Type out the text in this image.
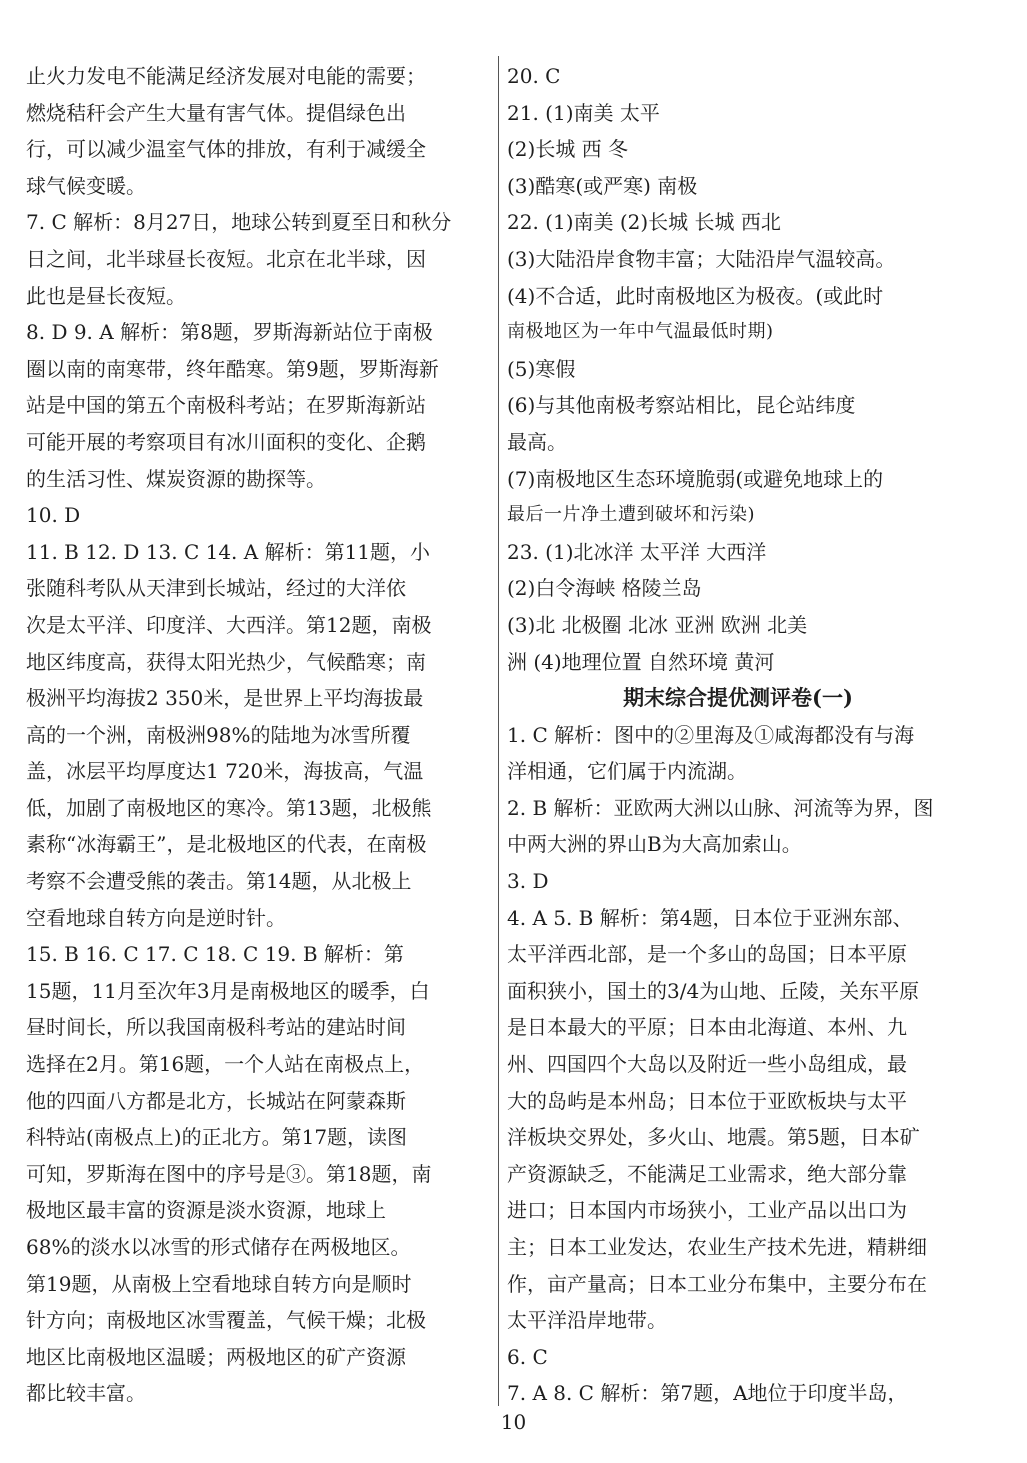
止火力发电不能满足经济发展对电能的需要；
燃烧秸秆会产生大量有害气体。提倡绿色出
行，可以减少温室气体的排放，有利于减缓全
球气候变暖。
7. C 解析：8月27日，地球公转到夏至日和秋分
日之间，北半球昼长夜短。北京在北半球，因
此也是昼长夜短。
8. D 9. A 解析：第8题，罗斯海新站位于南极
圈以南的南寒带，终年酷寒。第9题，罗斯海新
站是中国的第五个南极科考站；在罗斯海新站
可能开展的考察项目有冰川面积的变化、企鹅
的生活习性、煤炭资源的勘探等。
10. D
11. B 12. D 13. C 14. A 解析：第11题，小
张随科考队从天津到长城站，经过的大洋依
次是太平洋、印度洋、大西洋。第12题，南极
地区纬度高，获得太阳光热少，气候酷寒；南
极洲平均海拔2 350米，是世界上平均海拔最
高的一个洲，南极洲98%的陆地为冰雪所覆
盖，冰层平均厚度达1 720米，海拔高，气温
低，加剧了南极地区的寒冷。第13题，北极熊
素称“冰海霸王”，是北极地区的代表，在南极
考察不会遭受熊的袭击。第14题，从北极上
空看地球自转方向是逆时针。
15. B 16. C 17. C 18. C 19. B 解析：第
15题，11月至次年3月是南极地区的暖季，白
昼时间长，所以我国南极科考站的建站时间
选择在2月。第16题，一个人站在南极点上，
他的四面八方都是北方，长城站在阿蒙森斯
科特站(南极点上)的正北方。第17题，读图
可知，罗斯海在图中的序号是③。第18题，南
极地区最丰富的资源是淡水资源，地球上
68%的淡水以冰雪的形式储存在两极地区。
第19题，从南极上空看地球自转方向是顺时
针方向；南极地区冰雪覆盖，气候干燥；北极
地区比南极地区温暖；两极地区的矿产资源
都比较丰富。
20. C
21. (1)南美 太平
(2)长城 西 冬
(3)酷寒(或严寒) 南极
22. (1)南美 (2)长城 长城 西北
(3)大陆沿岸食物丰富；大陆沿岸气温较高。
(4)不合适，此时南极地区为极夜。(或此时
南极地区为一年中气温最低时期)
(5)寒假
(6)与其他南极考察站相比，昆仑站纬度
最高。
(7)南极地区生态环境脆弱(或避免地球上的
最后一片净土遭到破坏和污染)
23. (1)北冰洋 太平洋 大西洋
(2)白令海峡 格陵兰岛
(3)北 北极圈 北冰 亚洲 欧洲 北美
洲 (4)地理位置 自然环境 黄河
期末综合提优测评卷(一)
1. C 解析：图中的②里海及①咸海都没有与海
洋相通，它们属于内流湖。
2. B 解析：亚欧两大洲以山脉、河流等为界，图
中两大洲的界山B为大高加索山。
3. D
4. A 5. B 解析：第4题，日本位于亚洲东部、
太平洋西北部，是一个多山的岛国；日本平原
面积狭小，国土的3/4为山地、丘陵，关东平原
是日本最大的平原；日本由北海道、本州、九
州、四国四个大岛以及附近一些小岛组成，最
大的岛屿是本州岛；日本位于亚欧板块与太平
洋板块交界处，多火山、地震。第5题，日本矿
产资源缺乏，不能满足工业需求，绝大部分靠
进口；日本国内市场狭小，工业产品以出口为
主；日本工业发达，农业生产技术先进，精耕细
作，亩产量高；日本工业分布集中，主要分布在
太平洋沿岸地带。
6. C
7. A 8. C 解析：第7题，A地位于印度半岛，
10
